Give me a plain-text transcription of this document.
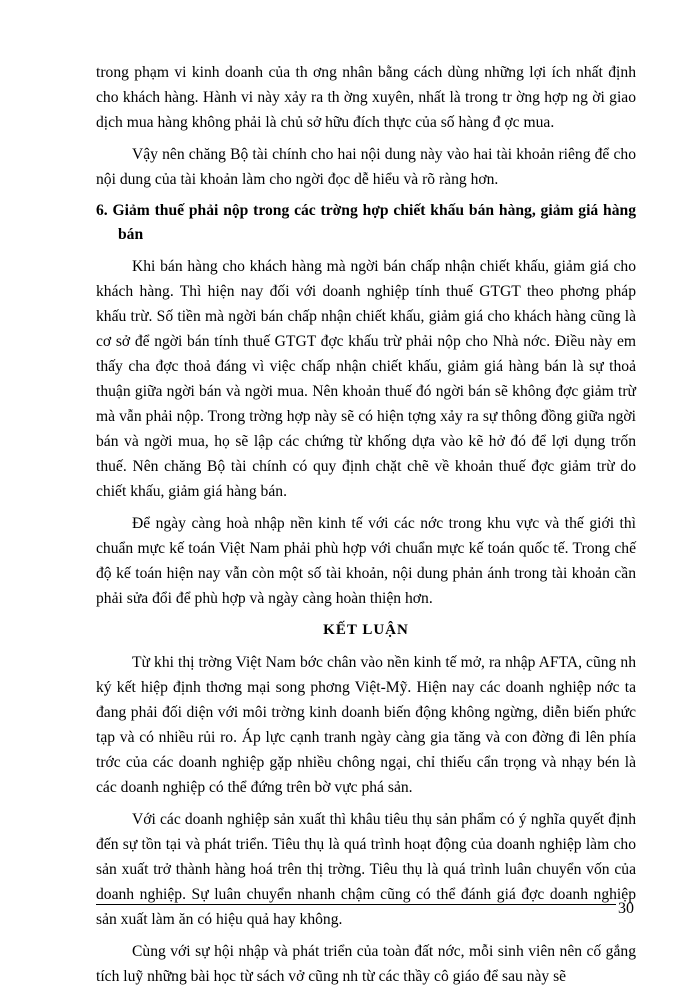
trong phạm vi kinh doanh của th ơng nhân bằng cách dùng những lợi ích nhất định cho khách hàng. Hành vi này xảy ra th ờng xuyên, nhất là trong tr ờng hợp ng ời giao dịch mua hàng không phải là chủ sở hữu đích thực của số hàng đ ợc mua.

Vậy nên chăng Bộ tài chính cho hai nội dung này vào hai tài khoản riêng để cho nội dung của tài khoản làm cho ngời đọc dễ hiểu và rõ ràng hơn.

6. Giảm thuế phải nộp trong các trờng hợp chiết khấu bán hàng, giảm giá hàng bán

Khi bán hàng cho khách hàng mà ngời bán chấp nhận chiết khấu, giảm giá cho khách hàng. Thì hiện nay đối với doanh nghiệp tính thuế GTGT theo phơng pháp khấu trừ. Số tiền mà ngời bán chấp nhận chiết khấu, giảm giá cho khách hàng cũng là cơ sở để ngời bán tính thuế GTGT đợc khấu trừ phải nộp cho Nhà nớc. Điều này em thấy cha đợc thoả đáng vì việc chấp nhận chiết khấu, giảm giá hàng bán là sự thoả thuận giữa ngời bán và ngời mua. Nên khoản thuế đó ngời bán sẽ không đợc giảm trừ mà vẫn phải nộp. Trong trờng hợp này sẽ có hiện tợng xảy ra sự thông đồng giữa ngời bán và ngời mua, họ sẽ lập các chứng từ khống dựa vào kẽ hở đó để lợi dụng trốn thuế. Nên chăng Bộ tài chính có quy định chặt chẽ về khoản thuế đợc giảm trừ do chiết khấu, giảm giá hàng bán.

Để ngày càng hoà nhập nền kinh tế với các nớc trong khu vực và thế giới thì chuẩn mực kế toán Việt Nam phải phù hợp với chuẩn mực kế toán quốc tế. Trong chế độ kế toán hiện nay vẫn còn một số tài khoản, nội dung phản ánh trong tài khoản cần phải sửa đổi để phù hợp và ngày càng hoàn thiện hơn.

KẾT LUẬN

Từ khi thị trờng Việt Nam bớc chân vào nền kinh tế mở, ra nhập AFTA, cũng nh ký kết hiệp định thơng mại song phơng Việt-Mỹ. Hiện nay các doanh nghiệp nớc ta đang phải đối diện với môi trờng kinh doanh biến động không ngừng, diễn biến phức tạp và có nhiều rủi ro. Áp lực cạnh tranh ngày càng gia tăng và con đờng đi lên phía trớc của các doanh nghiệp gặp nhiều chông ngại, chỉ thiếu cẩn trọng và nhạy bén là các doanh nghiệp có thể đứng trên bờ vực phá sản.

Với các doanh nghiệp sản xuất thì khâu tiêu thụ sản phẩm có ý nghĩa quyết định đến sự tồn tại và phát triển. Tiêu thụ là quá trình hoạt động của doanh nghiệp làm cho sản xuất trở thành hàng hoá trên thị trờng. Tiêu thụ là quá trình luân chuyển vốn của doanh nghiệp. Sự luân chuyển nhanh chậm cũng có thể đánh giá đợc doanh nghiệp sản xuất làm ăn có hiệu quả hay không.

Cùng với sự hội nhập và phát triển của toàn đất nớc, mỗi sinh viên nên cố gắng tích luỹ những bài học từ sách vở cũng nh từ các thầy cô giáo để sau này sẽ

30
